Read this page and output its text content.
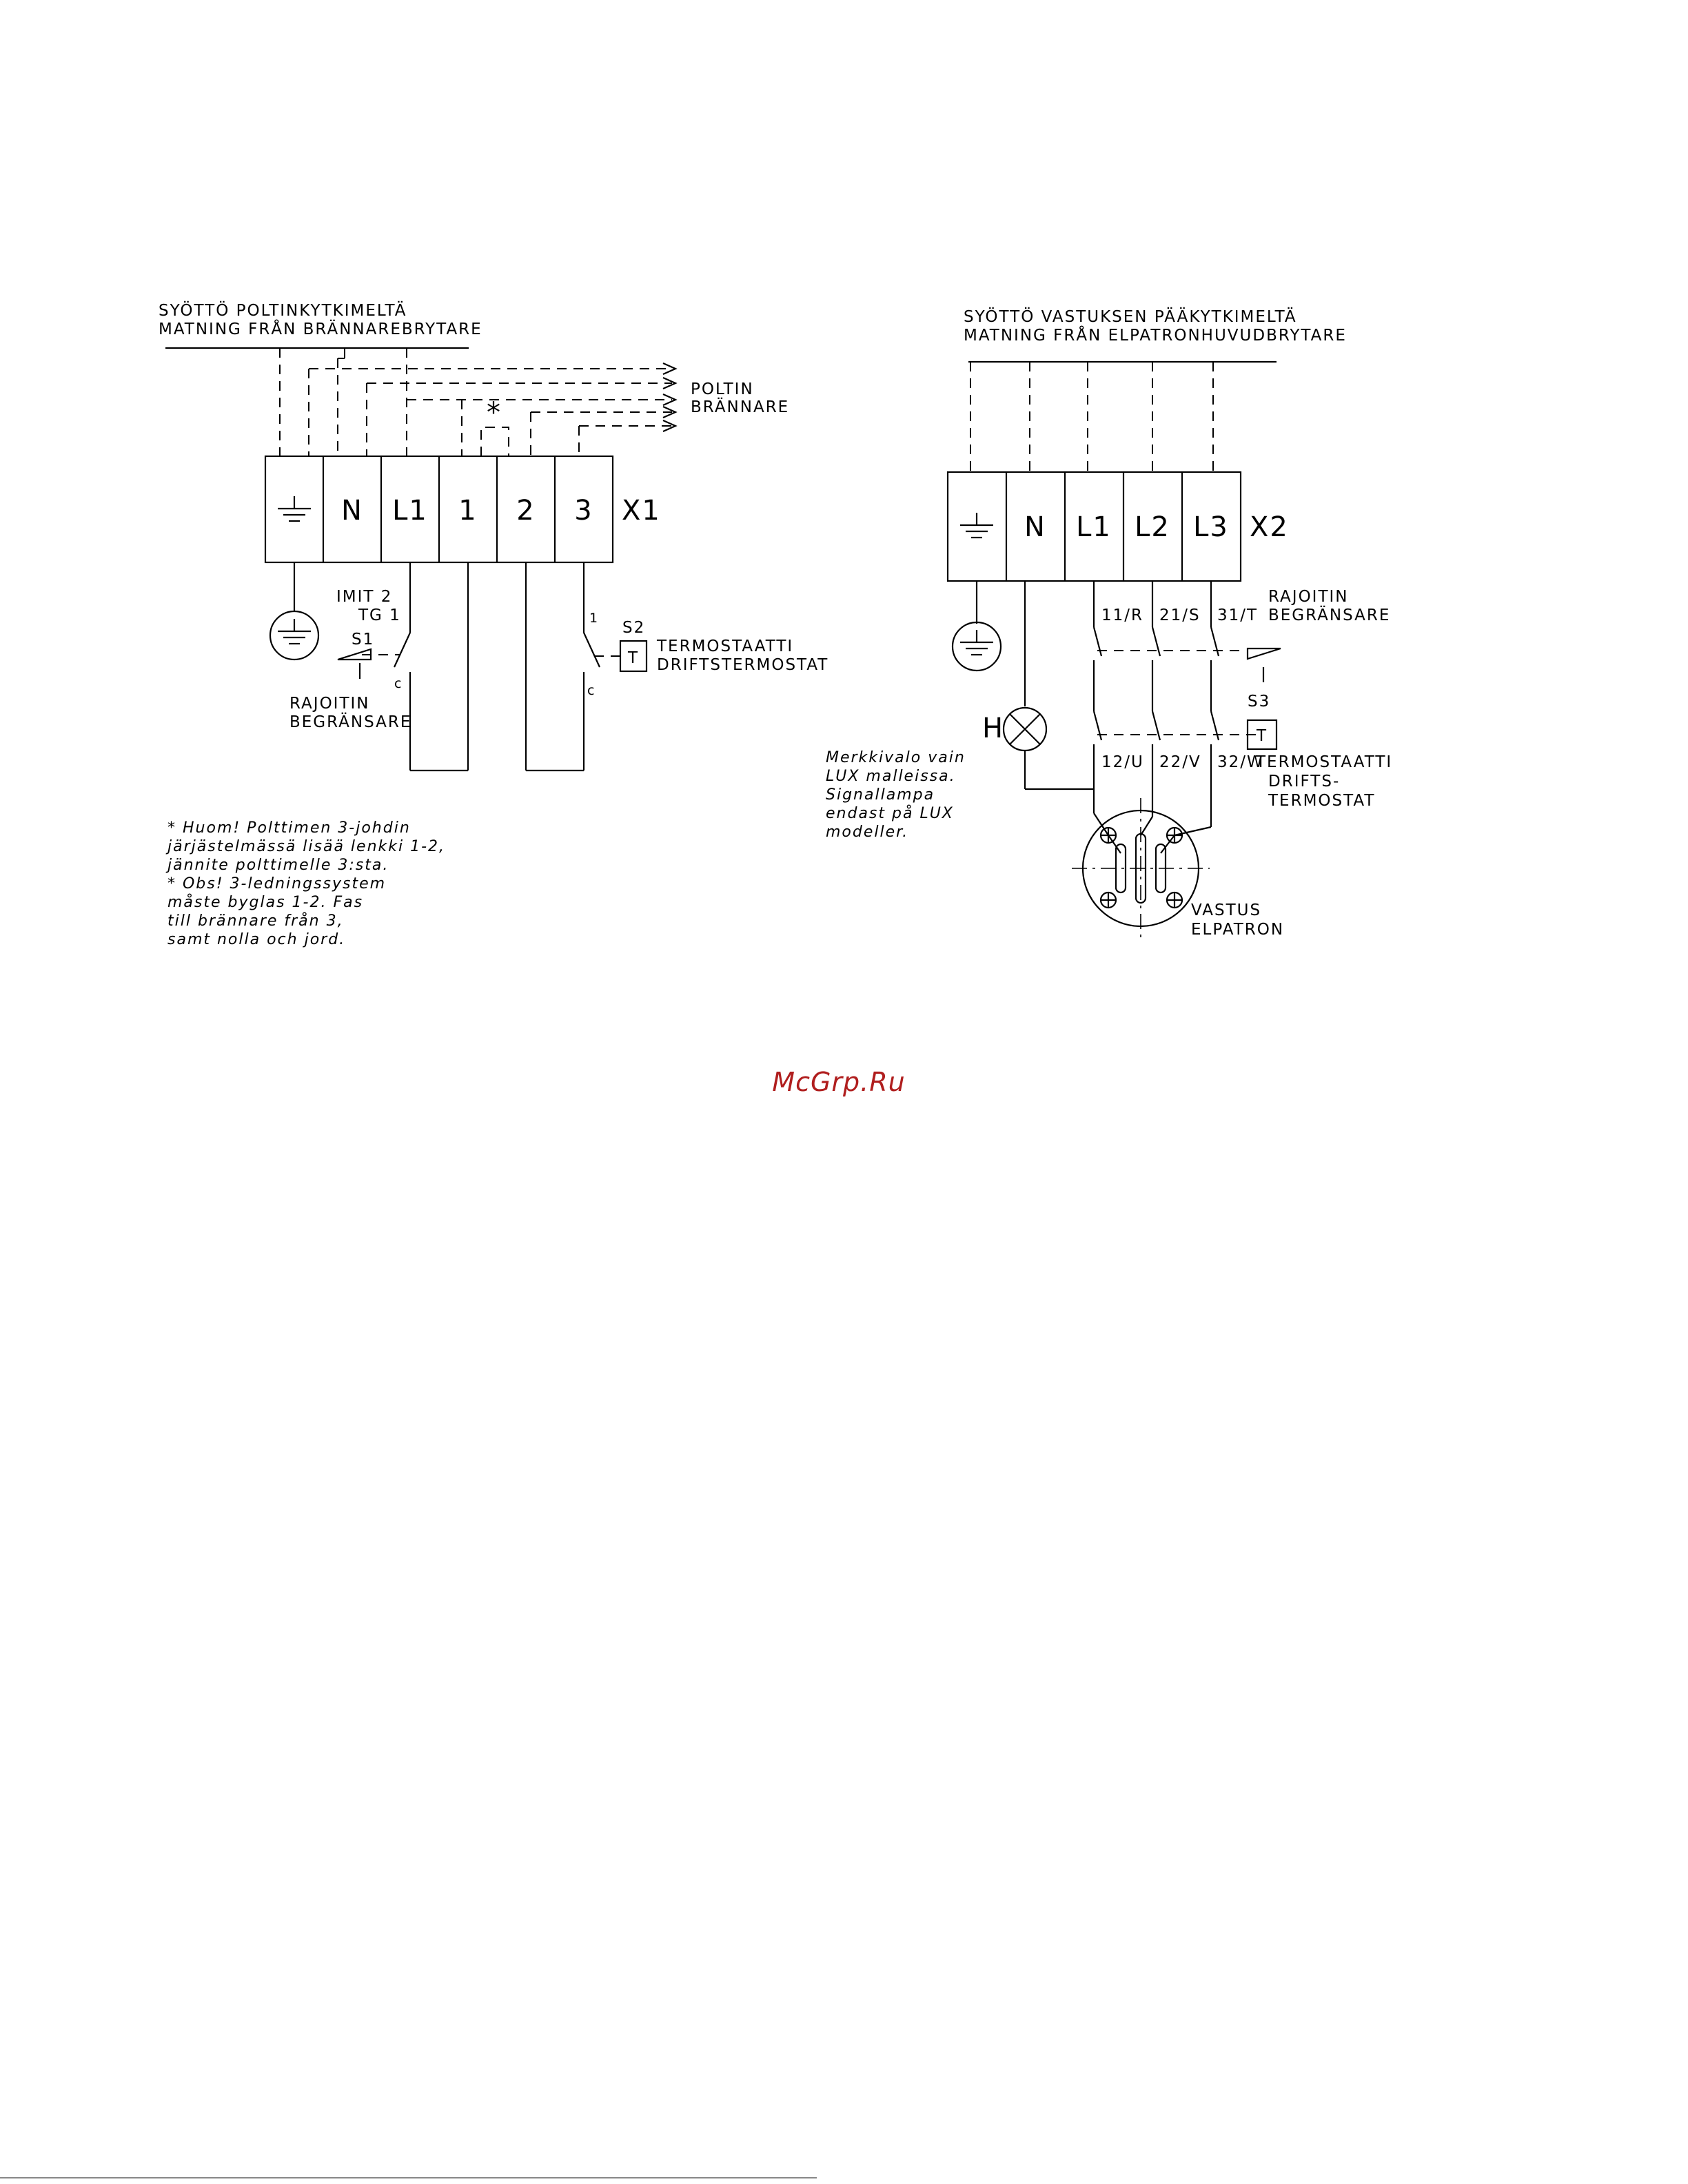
SYÖTTÖ POLTINKYTKIMELTÄ
MATNING FRÅN BRÄNNAREBRYTARE
POLTIN
BRÄNNARE
*
N L1 1 2 3 X1
IMIT 2
TG 1
S1
c
RAJOITIN
BEGRÄNSARE
1
S2
T
c
TERMOSTAATTI
DRIFTSTERMOSTAT
* Huom! Polttimen 3-johdin
järjästelmässä lisää lenkki 1-2,
jännite polttimelle 3:sta.
* Obs! 3-ledningssystem
måste byglas 1-2. Fas
till brännare från 3,
samt nolla och jord.
SYÖTTÖ VASTUKSEN PÄÄKYTKIMELTÄ
MATNING FRÅN ELPATRONHUVUDBRYTARE
N L1 L2 L3 X2
RAJOITIN
BEGRÄNSARE
11/R 21/S 31/T
S3
T
12/U 22/V 32/W
TERMOSTAATTI
DRIFTS-
TERMOSTAT
H
Merkkivalo vain
LUX malleissa.
Signallampa
endast på LUX
modeller.
VASTUS
ELPATRON
McGrp.Ru
